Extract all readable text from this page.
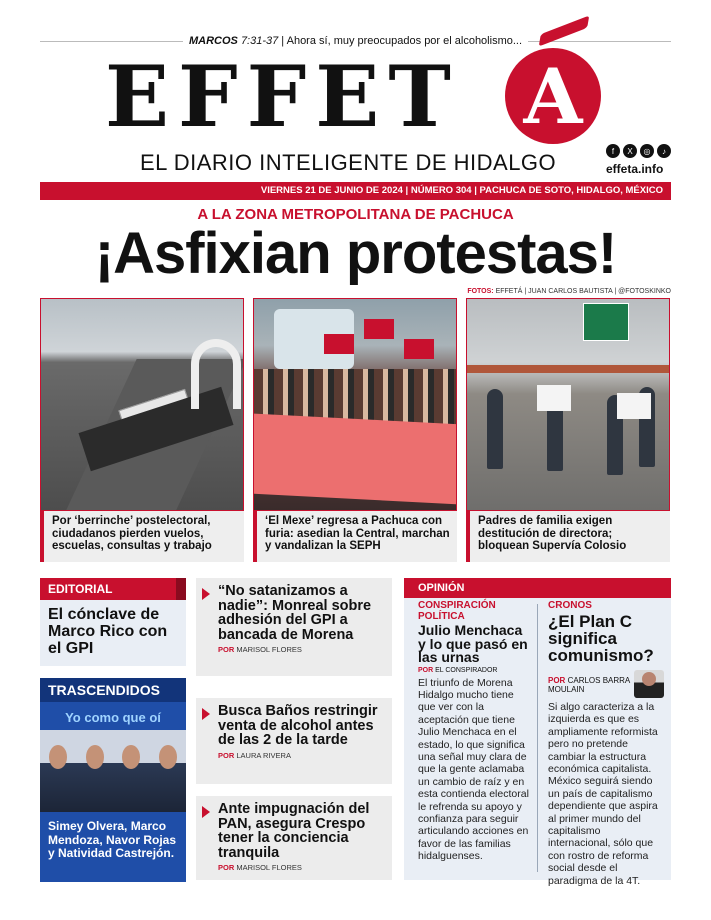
MARCOS 7:31-37 | Ahora sí, muy preocupados por el alcoholismo...
EFFET A
EL DIARIO INTELIGENTE DE HIDALGO	f	X	◎	♪
effeta.info
VIERNES 21 DE JUNIO DE 2024 | NÚMERO 304 | PACHUCA DE SOTO, HIDALGO, MÉXICO
A LA ZONA METROPOLITANA DE PACHUCA
¡Asfixian protestas!
FOTOS: EFFETÁ | JUAN CARLOS BAUTISTA | @FOTOSKINKO
Por ‘berrinche’ postelectoral, ciudadanos pierden vuelos, escuelas, consultas y trabajo
‘El Mexe’ regresa a Pachuca con furia: asedian la Central, marchan y vandalizan la SEPH
Padres de familia exigen destitución de directora; bloquean Supervía Colosio
EDITORIAL
El cónclave de Marco Rico con el GPI
TRASCENDIDOS
Yo como que oí
Simey Olvera, Marco Mendoza, Navor Rojas y Natividad Castrejón.
“No satanizamos a nadie”: Monreal sobre adhesión del GPI a bancada de Morena
POR MARISOL FLORES
Busca Baños restringir venta de alcohol antes de las 2 de la tarde
POR LAURA RIVERA
Ante impugnación del PAN, asegura Crespo tener la conciencia tranquila
POR MARISOL FLORES
OPINIÓN
CONSPIRACIÓN POLÍTICA
Julio Menchaca y lo que pasó en las urnas
POR EL CONSPIRADOR
El triunfo de Morena Hidalgo mucho tiene que ver con la aceptación que tiene Julio Menchaca en el estado, lo que significa una señal muy clara de que la gente aclamaba un cambio de raíz y en esta contienda electoral le refrenda su apoyo y confianza para seguir articulando acciones en favor de las familias hidalguenses.
CRONOS
¿El Plan C significa comunismo?
POR CARLOS BARRA MOULAIN
Si algo caracteriza a la izquierda es que es ampliamente reformista pero no pretende cambiar la estructura económica capitalista. México seguirá siendo un país de capitalismo dependiente que aspira al primer mundo del capitalismo internacional, sólo que con rostro de reforma social desde el paradigma de la 4T.
